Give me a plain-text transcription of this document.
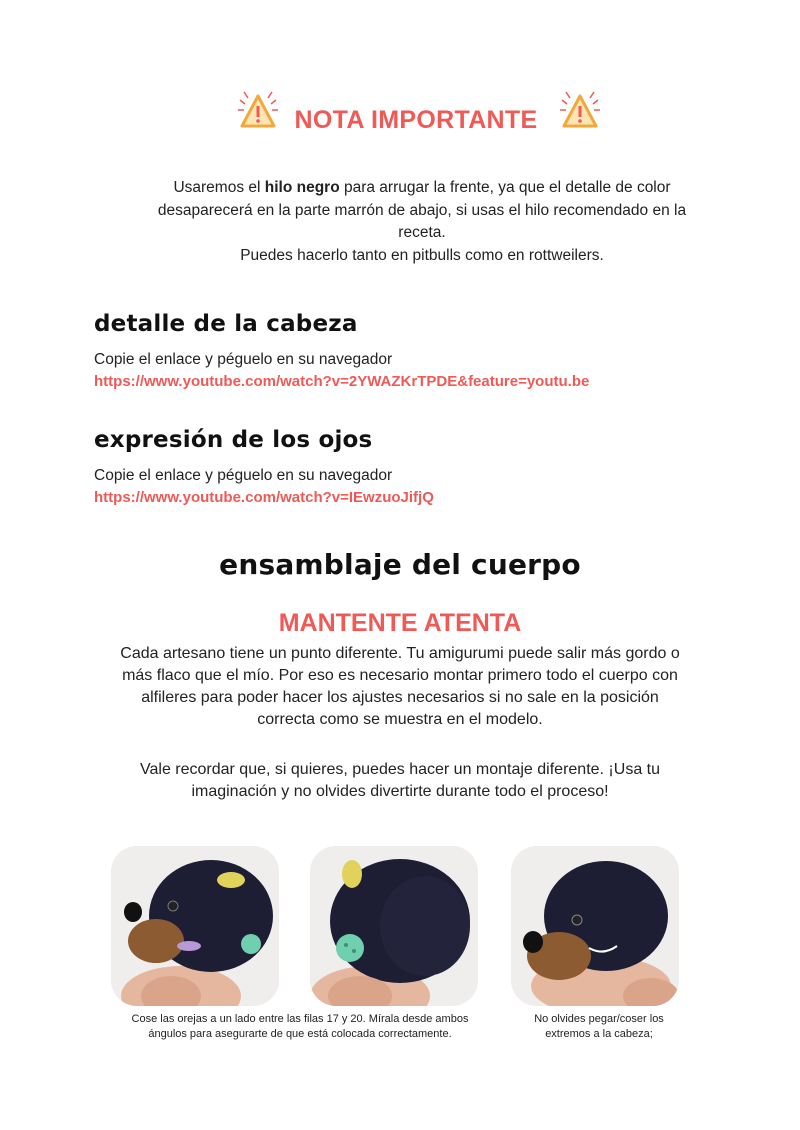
NOTA IMPORTANTE

Usaremos el hilo negro para arrugar la frente, ya que el detalle de color desaparecerá en la parte marrón de abajo, si usas el hilo recomendado en la receta.

Puedes hacerlo tanto en pitbulls como en rottweilers.

detalle de la cabeza
Copie el enlace y péguelo en su navegador
https://www.youtube.com/watch?v=2YWAZKrTPDE&feature=youtu.be
expresión de los ojos
Copie el enlace y péguelo en su navegador
https://www.youtube.com/watch?v=IEwzuoJifjQ
ensamblaje del cuerpo
MANTENTE ATENTA
Cada artesano tiene un punto diferente. Tu amigurumi puede salir más gordo o más flaco que el mío. Por eso es necesario montar primero todo el cuerpo con alfileres para poder hacer los ajustes necesarios si no sale en la posición correcta como se muestra en el modelo.
Vale recordar que, si quieres, puedes hacer un montaje diferente. ¡Usa tu imaginación y no olvides divertirte durante todo el proceso!
Cose las orejas a un lado entre las filas 17 y 20. Mírala desde ambos ángulos para asegurarte de que está colocada correctamente.
No olvides pegar/coser los extremos a la cabeza;
